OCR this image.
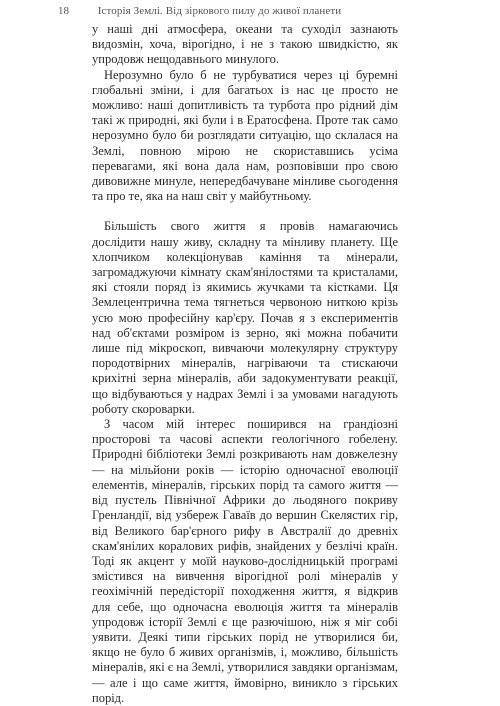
18	Історія Землі. Від зіркового пилу до живої планети

у наші дні атмосфера, океани та суходіл зазнають видозмін, хоча, вірогідно, і не з такою швидкістю, як упродовж нещодавнього минулого.

Нерозумно було б не турбуватися через ці буремні глобальні зміни, і для багатьох із нас це просто не можливо: наші допитливість та турбота про рідний дім такі ж природні, які були і в Ератосфена. Проте так само нерозумно було би розглядати ситуацію, що склалася на Землі, повною мірою не скориставшись усіма перевагами, які вона дала нам, розповівши про свою дивовижне минуле, непередбачуване мінливе сьогодення та про те, яка на наш світ у майбутньому.

Більшість свого життя я провів намагаючись дослідити нашу живу, складну та мінливу планету. Ще хлопчиком колекціонував каміння та мінерали, загромаджуючи кімнату скам'янілостями та кристалами, які стояли поряд із якимись жучками та кістками. Ця Землецентрична тема тягнеться червоною ниткою крізь усю мою професійну кар'єру. Почав я з експериментів над об'єктами розміром із зерно, які можна побачити лише під мікроскоп, вивчаючи молекулярну структуру породотвірних мінералів, нагріваючи та стискаючи крихітні зерна мінералів, аби задокументувати реакції, що відбуваються у надрах Землі і за умовами нагадують роботу скороварки.

З часом мій інтерес поширився на грандіозні просторові та часові аспекти геологічного гобелену. Природні бібліотеки Землі розкривають нам довжелезну — на мільйони років — історію одночасної еволюції елементів, мінералів, гірських порід та самого життя — від пустель Північної Африки до льодяного покриву Гренландії, від узбереж Гаваїв до вершин Скелястих гір, від Великого бар'єрного рифу в Австралії до древніх скам'янілих коралових рифів, знайдених у безлічі країн. Тоді як акцент у моїй науково-дослідницькій програмі змістився на вивчення вірогідної ролі мінералів у геохімічній передісторії походження життя, я відкрив для себе, що одночасна еволюція життя та мінералів упродовж історії Землі є ще разючішою, ніж я міг собі уявити. Деякі типи гірських порід не утворилися би, якщо не було б живих організмів, і, можливо, більшість мінералів, які є на Землі, утворилися завдяки організмам, — але і що саме життя, ймовірно, виникло з гірських порід.
